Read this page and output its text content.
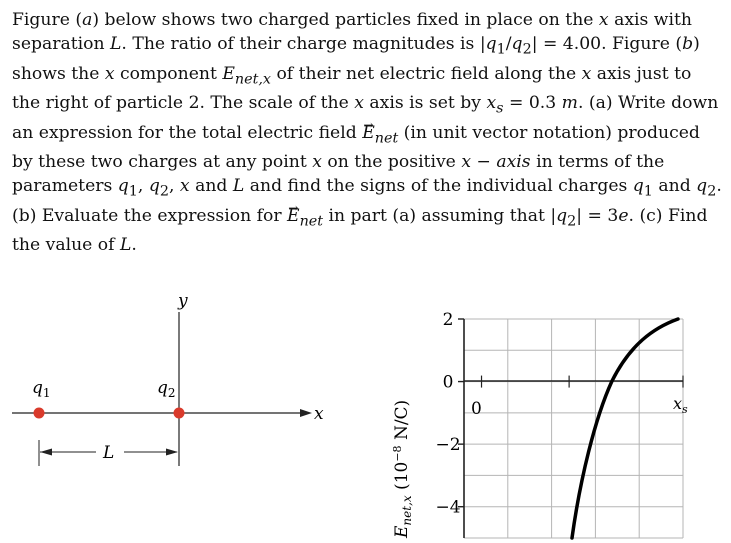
Figure (a) below shows two charged particles fixed in place on the x axis with separation L. The ratio of their charge magnitudes is $|q_1/q_2| = 4.00$. Figure (b) shows the x component $E_{net,x}$ of their net electric field along the x axis just to the right of particle 2. The scale of the x axis is set by $x_s = 0.3$ m. (a) Write down an expression for the total electric field → $E_{net}$ (in unit vector notation) produced by these two charges at any point x on the positive x − axis in terms of the parameters $q_1$, $q_2$, x and L and find the signs of the individual charges $q_1$ and $q_2$. (b) Evaluate the expression for → $E_{net}$ in part (a) assuming that $|q_2| = 3e$. (c) Find the value of L.

$q_1$	$q_2$
y
x
L
2
0
−2
−4
0	$x_s$
$E_{net,x}$ ($10^{-8}$ N/C)
